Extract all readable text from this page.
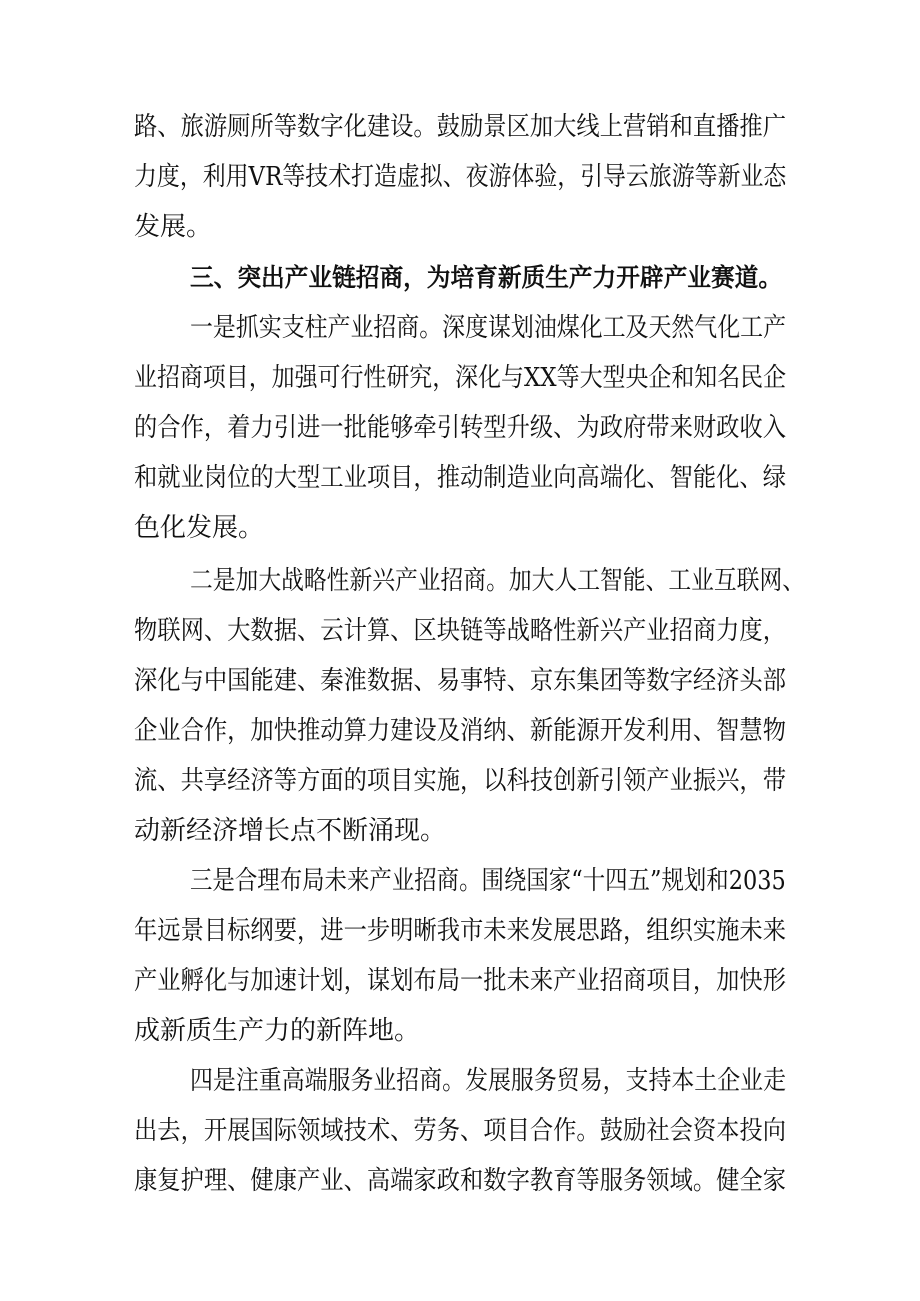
路、旅游厕所等数字化建设。鼓励景区加大线上营销和直播推广
力度，利用VR等技术打造虚拟、夜游体验，引导云旅游等新业态
发展。
三、突出产业链招商，为培育新质生产力开辟产业赛道。
一是抓实支柱产业招商。深度谋划油煤化工及天然气化工产
业招商项目，加强可行性研究，深化与XX等大型央企和知名民企
的合作，着力引进一批能够牵引转型升级、为政府带来财政收入
和就业岗位的大型工业项目，推动制造业向高端化、智能化、绿
色化发展。
二是加大战略性新兴产业招商。加大人工智能、工业互联网、
物联网、大数据、云计算、区块链等战略性新兴产业招商力度，
深化与中国能建、秦淮数据、易事特、京东集团等数字经济头部
企业合作，加快推动算力建设及消纳、新能源开发利用、智慧物
流、共享经济等方面的项目实施，以科技创新引领产业振兴，带
动新经济增长点不断涌现。
三是合理布局未来产业招商。围绕国家“十四五”规划和2035
年远景目标纲要，进一步明晰我市未来发展思路，组织实施未来
产业孵化与加速计划，谋划布局一批未来产业招商项目，加快形
成新质生产力的新阵地。
四是注重高端服务业招商。发展服务贸易，支持本土企业走
出去，开展国际领域技术、劳务、项目合作。鼓励社会资本投向
康复护理、健康产业、高端家政和数字教育等服务领域。健全家
